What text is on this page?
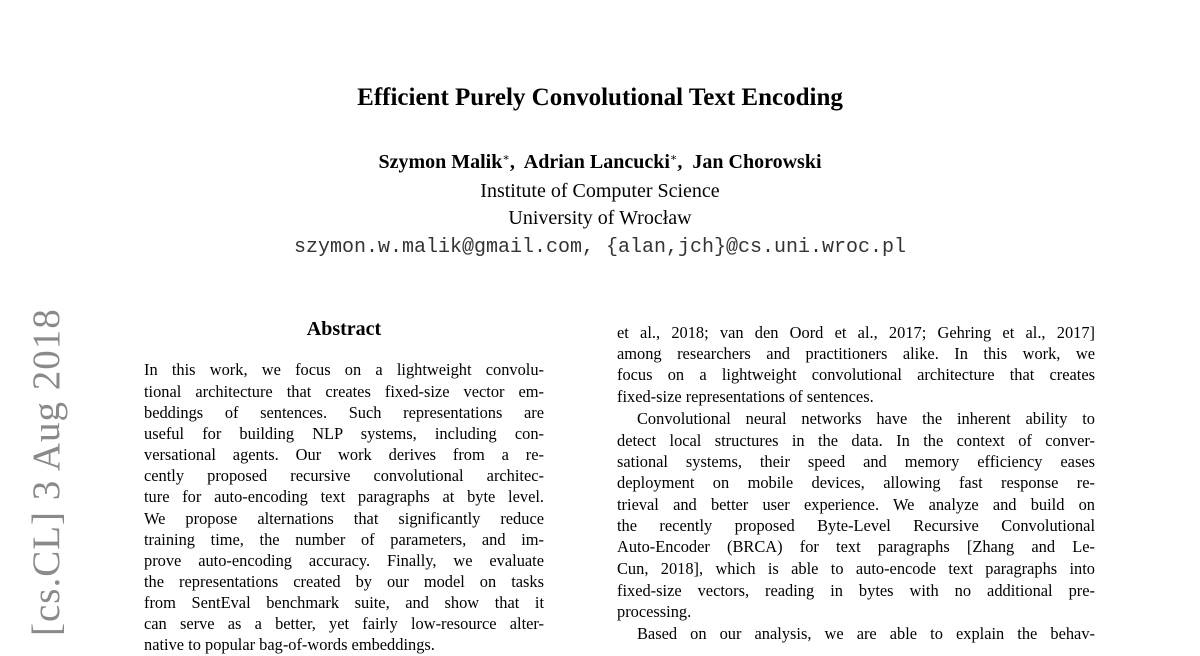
Efficient Purely Convolutional Text Encoding
Szymon Malik∗,  Adrian Lancucki∗,  Jan Chorowski
Institute of Computer Science
University of Wrocław
szymon.w.malik@gmail.com, {alan,jch}@cs.uni.wroc.pl
[cs.CL] 3 Aug 2018	Abstract
In this work, we focus on a lightweight convolu-
tional architecture that creates fixed-size vector em-
beddings of sentences. Such representations are
useful for building NLP systems, including con-
versational agents. Our work derives from a re-
cently proposed recursive convolutional architec-
ture for auto-encoding text paragraphs at byte level.
We propose alternations that significantly reduce
training time, the number of parameters, and im-
prove auto-encoding accuracy. Finally, we evaluate
the representations created by our model on tasks
from SentEval benchmark suite, and show that it
can serve as a better, yet fairly low-resource alter-
native to popular bag-of-words embeddings.
et al., 2018; van den Oord et al., 2017; Gehring et al., 2017]
among researchers and practitioners alike. In this work, we
focus on a lightweight convolutional architecture that creates
fixed-size representations of sentences.
Convolutional neural networks have the inherent ability to
detect local structures in the data. In the context of conver-
sational systems, their speed and memory efficiency eases
deployment on mobile devices, allowing fast response re-
trieval and better user experience. We analyze and build on
the recently proposed Byte-Level Recursive Convolutional
Auto-Encoder (BRCA) for text paragraphs [Zhang and Le-
Cun, 2018], which is able to auto-encode text paragraphs into
fixed-size vectors, reading in bytes with no additional pre-
processing.
Based on our analysis, we are able to explain the behav-
